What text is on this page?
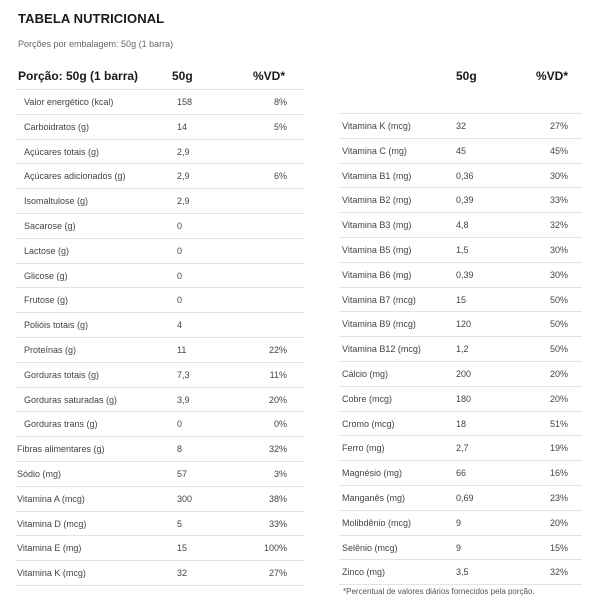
TABELA NUTRICIONAL
Porções por embalagem: 50g (1 barra)
Porção: 50g (1 barra)	50g	%VD*	50g	%VD*
Valor energético (kcal)	158	8%
Carboidratos (g)	14	5%
Açúcares totais (g)	2,9
Açúcares adicionados (g)	2,9	6%
Isomaltulose (g)	2,9
Sacarose (g)	0
Lactose (g)	0
Glicose (g)	0
Frutose (g)	0
Polióis totais (g)	4
Proteínas (g)	11	22%
Gorduras totais (g)	7,3	11%
Gorduras saturadas (g)	3,9	20%
Gorduras trans (g)	0	0%
Fibras alimentares (g)	8	32%
Sódio (mg)	57	3%
Vitamina A (mcg)	300	38%
Vitamina D (mcg)	5	33%
Vitamina E (mg)	15	100%
Vitamina K (mcg)	32	27%
Vitamina K (mcg)	32	27%
Vitamina C (mg)	45	45%
Vitamina B1 (mg)	0,36	30%
Vitamina B2 (mg)	0,39	33%
Vitamina B3 (mg)	4,8	32%
Vitamina B5 (mg)	1,5	30%
Vitamina B6 (mg)	0,39	30%
Vitamina B7 (mcg)	15	50%
Vitamina B9 (mcg)	120	50%
Vitamina B12 (mcg)	1,2	50%
Cálcio (mg)	200	20%
Cobre (mcg)	180	20%
Cromo (mcg)	18	51%
Ferro (mg)	2,7	19%
Magnésio (mg)	66	16%
Manganês (mg)	0,69	23%
Molibdênio (mcg)	9	20%
Selênio (mcg)	9	15%
Zinco (mg)	3,5	32%
*Percentual de valores diários fornecidos pela porção.
